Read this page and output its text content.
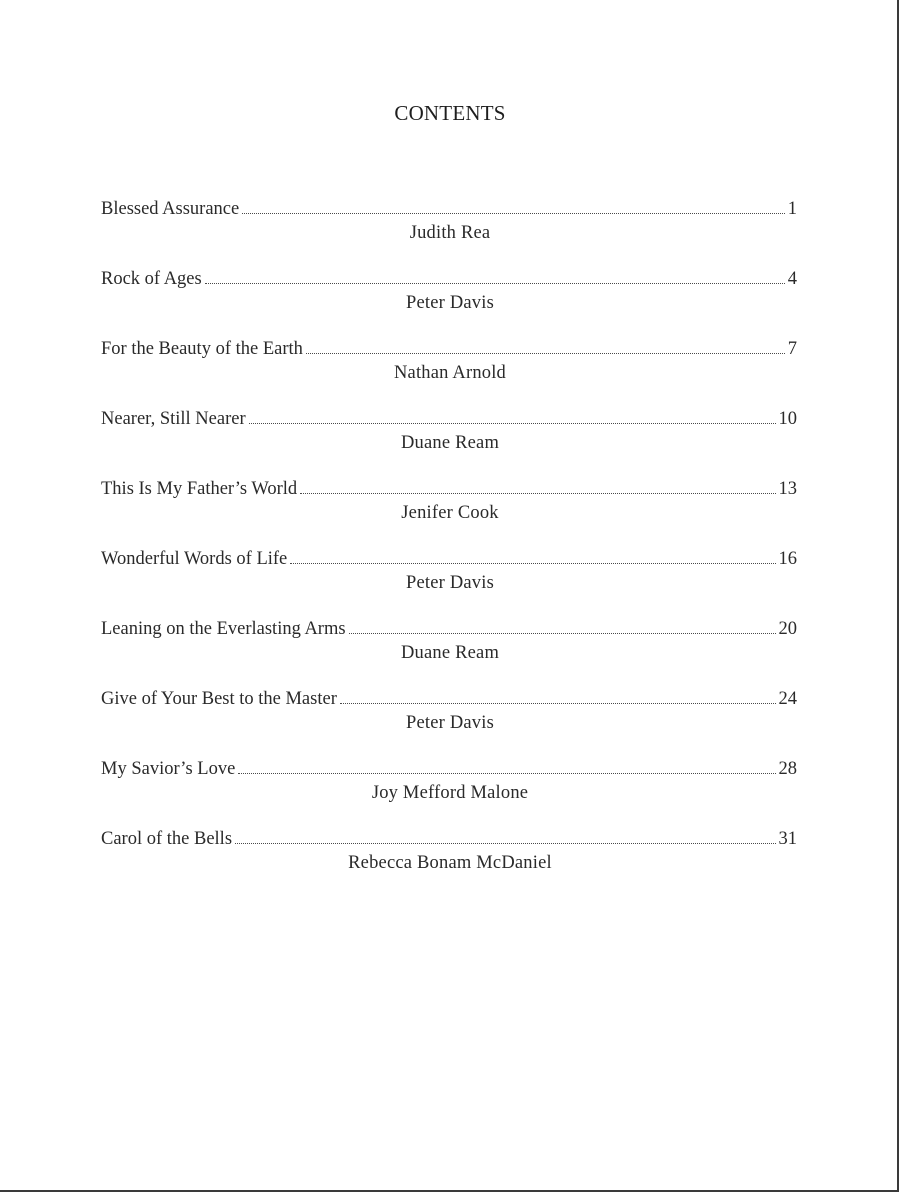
CONTENTS
Blessed Assurance	1
Judith Rea
Rock of Ages	4
Peter Davis
For the Beauty of the Earth	7
Nathan Arnold
Nearer, Still Nearer	10
Duane Ream
This Is My Father’s World	13
Jenifer Cook
Wonderful Words of Life	16
Peter Davis
Leaning on the Everlasting Arms	20
Duane Ream
Give of Your Best to the Master	24
Peter Davis
My Savior’s Love	28
Joy Mefford Malone
Carol of the Bells	31
Rebecca Bonam McDaniel
